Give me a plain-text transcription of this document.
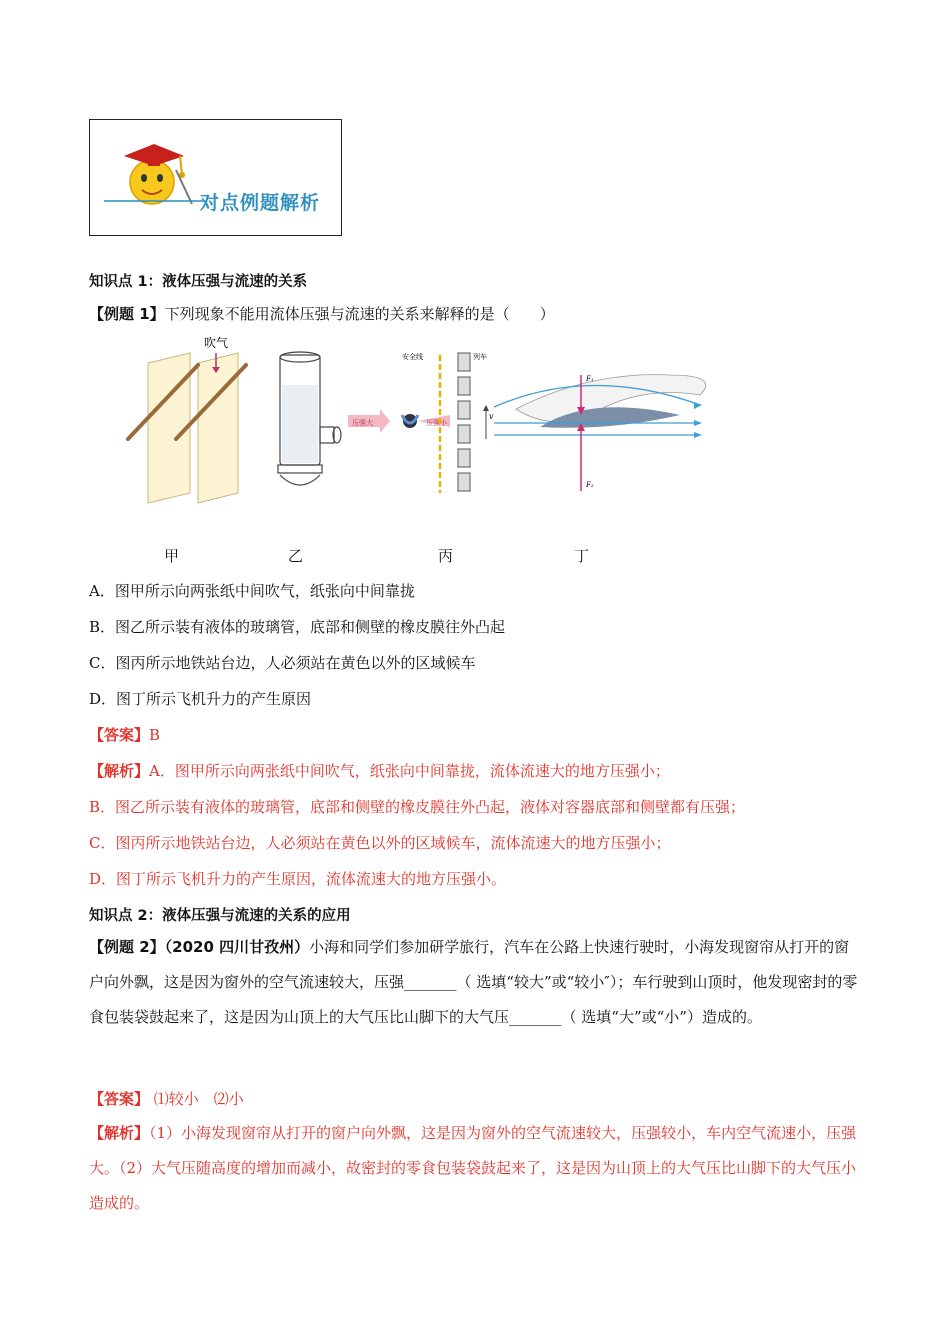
对点例题解析
知识点 1：液体压强与流速的关系
【例题 1】下列现象不能用流体压强与流速的关系来解释的是（　　）
吹气
压强大	压强小
安全线	列车
v
F₁
F₂
甲	乙	丙	丁
A．图甲所示向两张纸中间吹气，纸张向中间靠拢
B．图乙所示装有液体的玻璃管，底部和侧壁的橡皮膜往外凸起
C．图丙所示地铁站台边，人必须站在黄色以外的区域候车
D．图丁所示飞机升力的产生原因
【答案】B
【解析】A．图甲所示向两张纸中间吹气，纸张向中间靠拢，流体流速大的地方压强小；
B．图乙所示装有液体的玻璃管，底部和侧壁的橡皮膜往外凸起，液体对容器底部和侧壁都有压强；
C．图丙所示地铁站台边，人必须站在黄色以外的区域候车，流体流速大的地方压强小；
D．图丁所示飞机升力的产生原因，流体流速大的地方压强小。
知识点 2：液体压强与流速的关系的应用
【例题 2】（2020 四川甘孜州）小海和同学们参加研学旅行，汽车在公路上快速行驶时，小海发现窗帘从打开的窗户向外飘，这是因为窗外的空气流速较大，压强_______（ 选填“较大”或“较小″）；车行驶到山顶时，他发现密封的零食包装袋鼓起来了，这是因为山顶上的大气压比山脚下的大气压_______（ 选填“大”或“小”）造成的。
【答案】 ⑴较小　⑵小
【解析】（1）小海发现窗帘从打开的窗户向外飘，这是因为窗外的空气流速较大，压强较小，车内空气流速小，压强大。（2）大气压随高度的增加而减小，故密封的零食包装袋鼓起来了，这是因为山顶上的大气压比山脚下的大气压小造成的。
